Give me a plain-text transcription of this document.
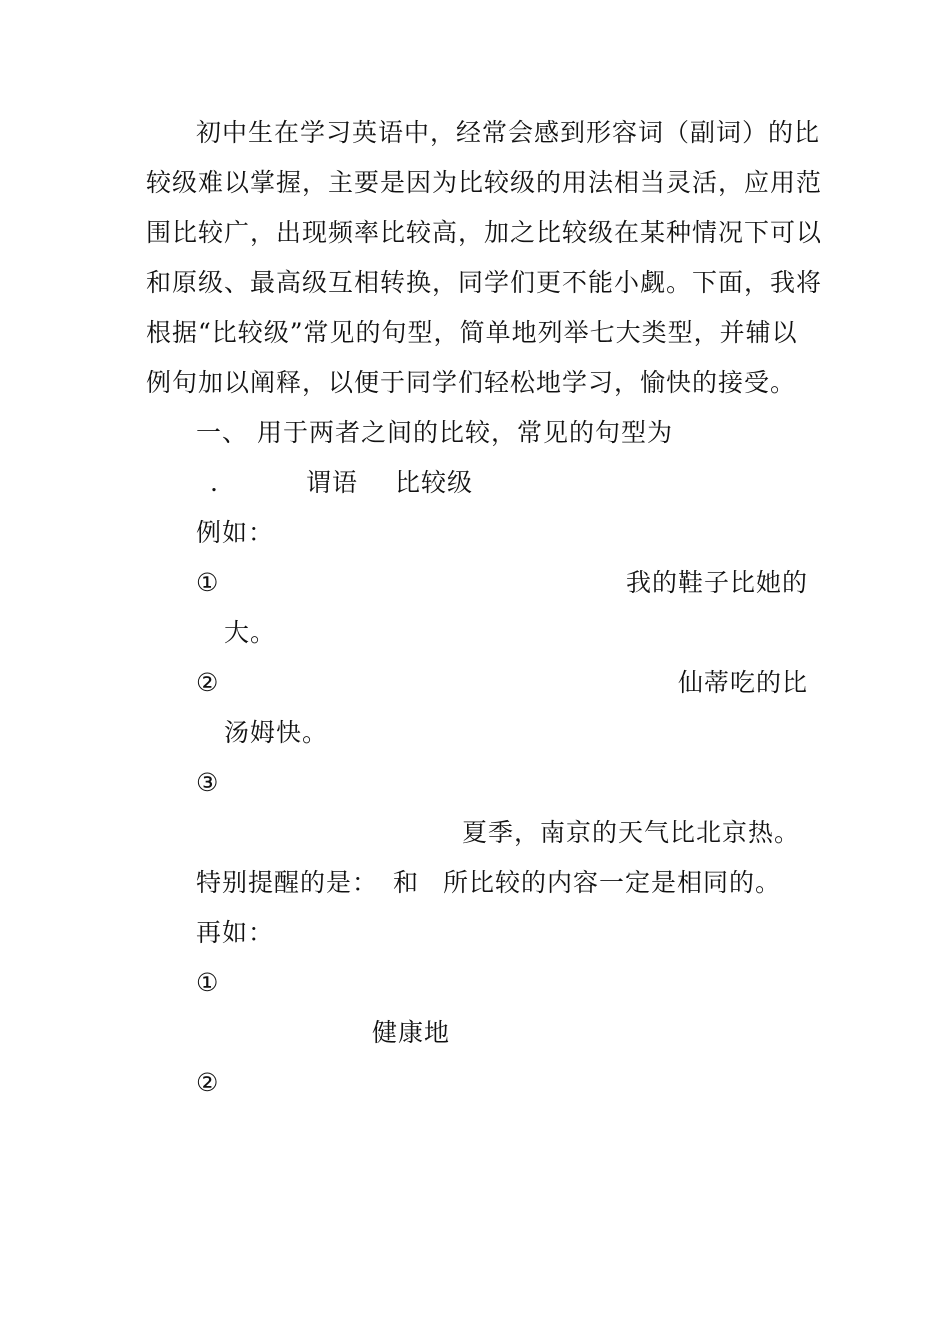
初中生在学习英语中，经常会感到形容词（副词）的比
较级难以掌握，主要是因为比较级的用法相当灵活，应用范
围比较广，出现频率比较高，加之比较级在某种情况下可以
和原级、最高级互相转换，同学们更不能小觑。下面，我将
根据“比较级”常见的句型，简单地列举七大类型，并辅以
例句加以阐释，以便于同学们轻松地学习，愉快的接受。
一、 用于两者之间的比较，常见的句型为
.	谓语 比较级
例如：
①	我的鞋子比她的
大。
②	仙蒂吃的比
汤姆快。
③
夏季，南京的天气比北京热。
特别提醒的是： 和 所比较的内容一定是相同的。
再如：
①
健康地
②
